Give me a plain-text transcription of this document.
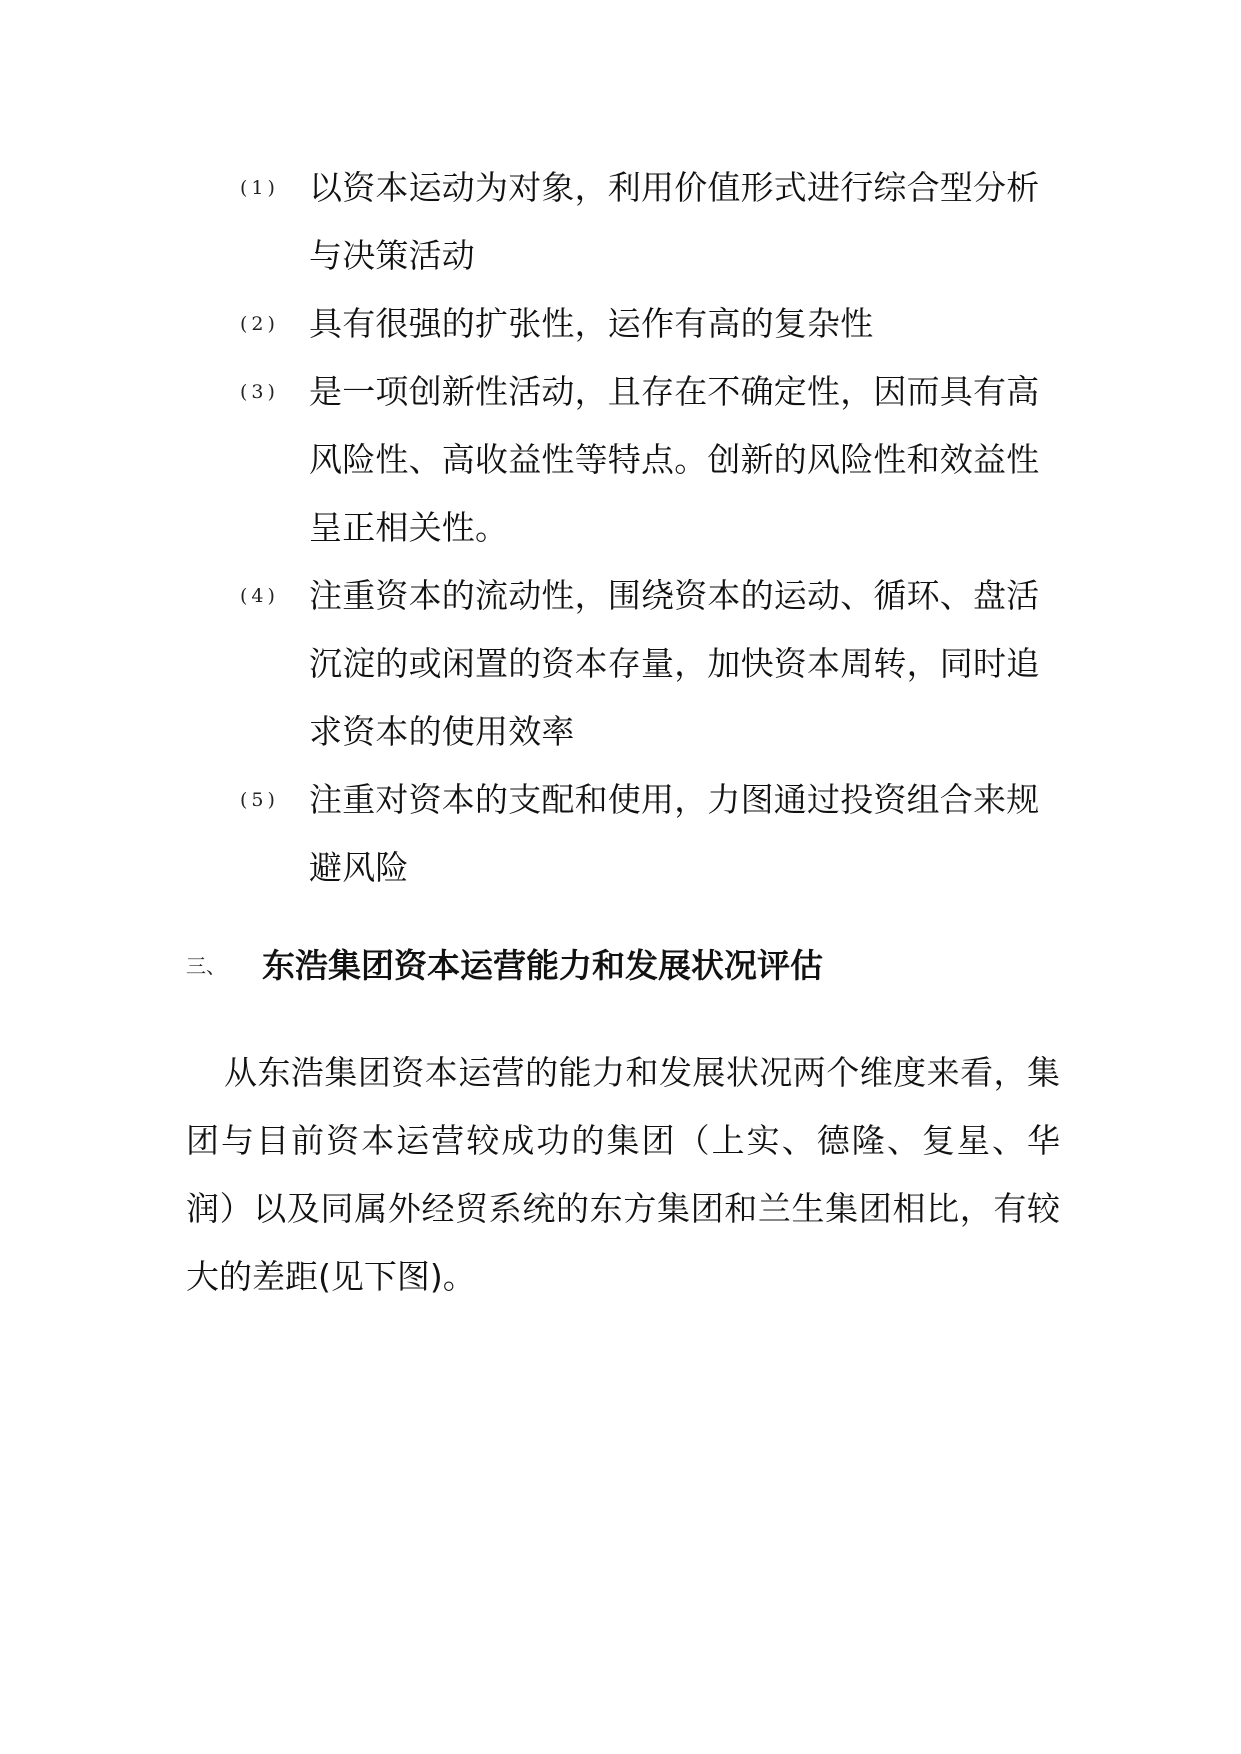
(1) 以资本运动为对象，利用价值形式进行综合型分析与决策活动
(2) 具有很强的扩张性，运作有高的复杂性
(3) 是一项创新性活动，且存在不确定性，因而具有高风险性、高收益性等特点。创新的风险性和效益性呈正相关性。
(4) 注重资本的流动性，围绕资本的运动、循环、盘活沉淀的或闲置的资本存量，加快资本周转，同时追求资本的使用效率
(5) 注重对资本的支配和使用，力图通过投资组合来规避风险
三、 东浩集团资本运营能力和发展状况评估
从东浩集团资本运营的能力和发展状况两个维度来看，集团与目前资本运营较成功的集团（上实、德隆、复星、华润）以及同属外经贸系统的东方集团和兰生集团相比，有较大的差距(见下图)。
